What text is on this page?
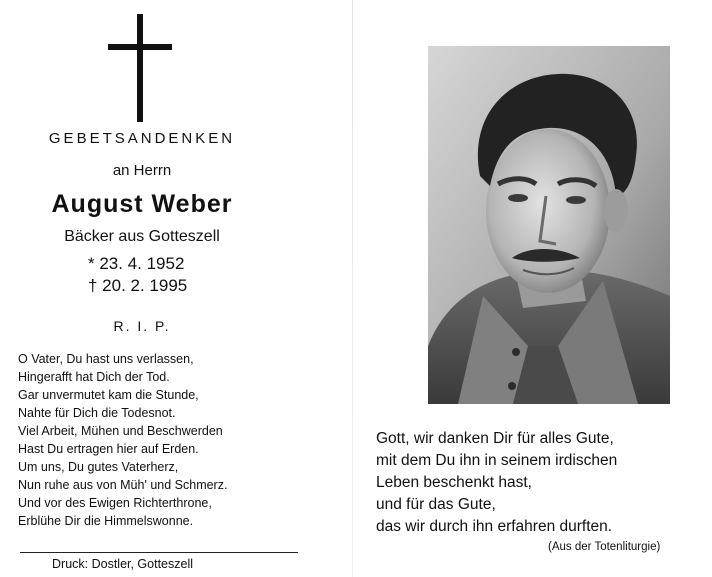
GEBETSANDENKEN
an Herrn
August Weber
Bäcker aus Gotteszell
* 23. 4. 1952
† 20. 2. 1995
R. I. P.
O Vater, Du hast uns verlassen,
Hingerafft hat Dich der Tod.
Gar unvermutet kam die Stunde,
Nahte für Dich die Todesnot.
Viel Arbeit, Mühen und Beschwerden
Hast Du ertragen hier auf Erden.
Um uns, Du gutes Vaterherz,
Nun ruhe aus von Müh' und Schmerz.
Und vor des Ewigen Richterthrone,
Erblühe Dir die Himmelswonne.
Druck: Dostler, Gotteszell
Gott, wir danken Dir für alles Gute,
mit dem Du ihn in seinem irdischen
Leben beschenkt hast,
und für das Gute,
das wir durch ihn erfahren durften.
(Aus der Totenliturgie)
